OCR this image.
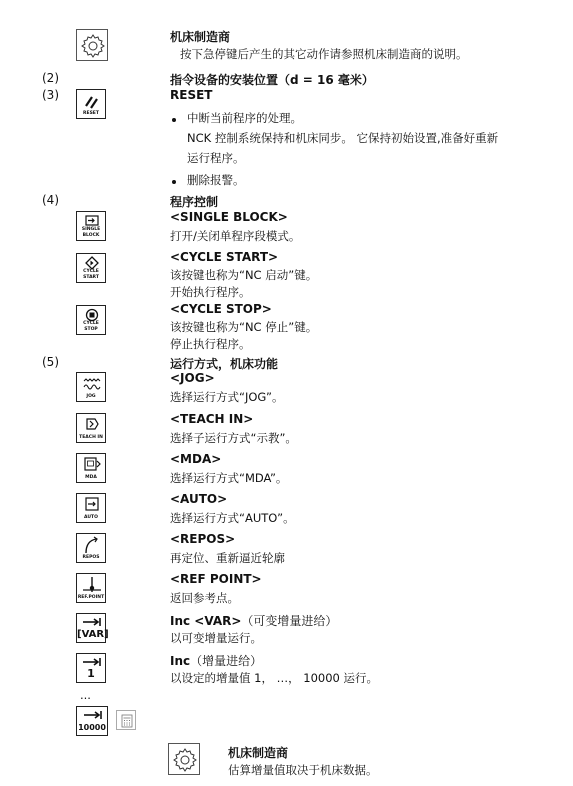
机床制造商
按下急停键后产生的其它动作请参照机床制造商的说明。
(2)	指令设备的安装位置（d = 16 毫米）
(3)
RESET
RESET
中断当前程序的处理。
NCK 控制系统保持和机床同步。 它保持初始设置,准备好重新
运行程序。
删除报警。
(4)	程序控制
SINGLE
BLOCK
<SINGLE BLOCK>
打开/关闭单程序段模式。
CYCLE
START
<CYCLE START>
该按键也称为“NC 启动”键。
开始执行程序。
CYCLE
STOP
<CYCLE STOP>
该按键也称为“NC 停止”键。
停止执行程序。
(5)	运行方式，机床功能
JOG
<JOG>
选择运行方式“JOG”。
TEACH IN
<TEACH IN>
选择子运行方式“示教”。
MDA
<MDA>
选择运行方式“MDA”。
AUTO
<AUTO>
选择运行方式“AUTO”。
REPOS
<REPOS>
再定位、重新逼近轮廓
REF.POINT
<REF POINT>
返回参考点。
[VAR]
Inc <VAR>（可变增量进给）
以可变增量运行。
1
Inc（增量进给）
以设定的增量值 1， …， 10000 运行。
...
10000
机床制造商
估算增量值取决于机床数据。
